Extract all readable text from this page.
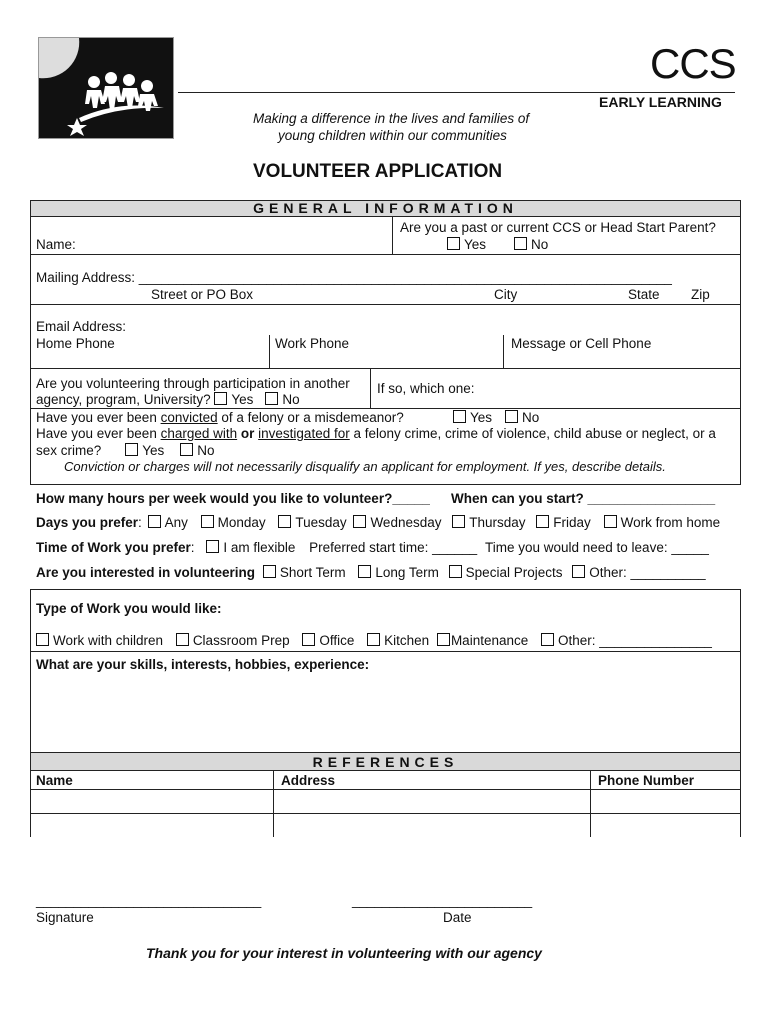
CCS
EARLY LEARNING
Making a difference in the lives and families of
young children within our communities
VOLUNTEER APPLICATION
GENERAL INFORMATION
Are you a past or current CCS or Head Start Parent?
Yes	No
Name:
Mailing Address: _______________________________________________________________________
Street or PO Box	City	State Zip
Email Address:
Home Phone	Work Phone	Message or Cell Phone
Are you volunteering through participation in another
agency, program, University? Yes No
If so, which one:
Have you ever been convicted of a felony or a misdemeanor?	Yes	No
Have you ever been charged with or investigated for a felony crime, crime of violence, child abuse or neglect, or a
sex crime?	Yes No
Conviction or charges will not necessarily disqualify an applicant for employment. If yes, describe details.
How many hours per week would you like to volunteer?_____ When can you start? _________________
Days you prefer: Any Monday Tuesday Wednesday Thursday Friday Work from home
Time of Work you prefer: I am flexible Preferred start time: ______ Time you would need to leave: _____
Are you interested in volunteering Short Term Long Term Special Projects Other: __________
Type of Work you would like:
Work with children Classroom Prep Office Kitchen Maintenance Other: _______________
What are your skills, interests, hobbies, experience:
REFERENCES
Name	Address	Phone Number
______________________________	________________________
Signature	Date
Thank you for your interest in volunteering with our agency
